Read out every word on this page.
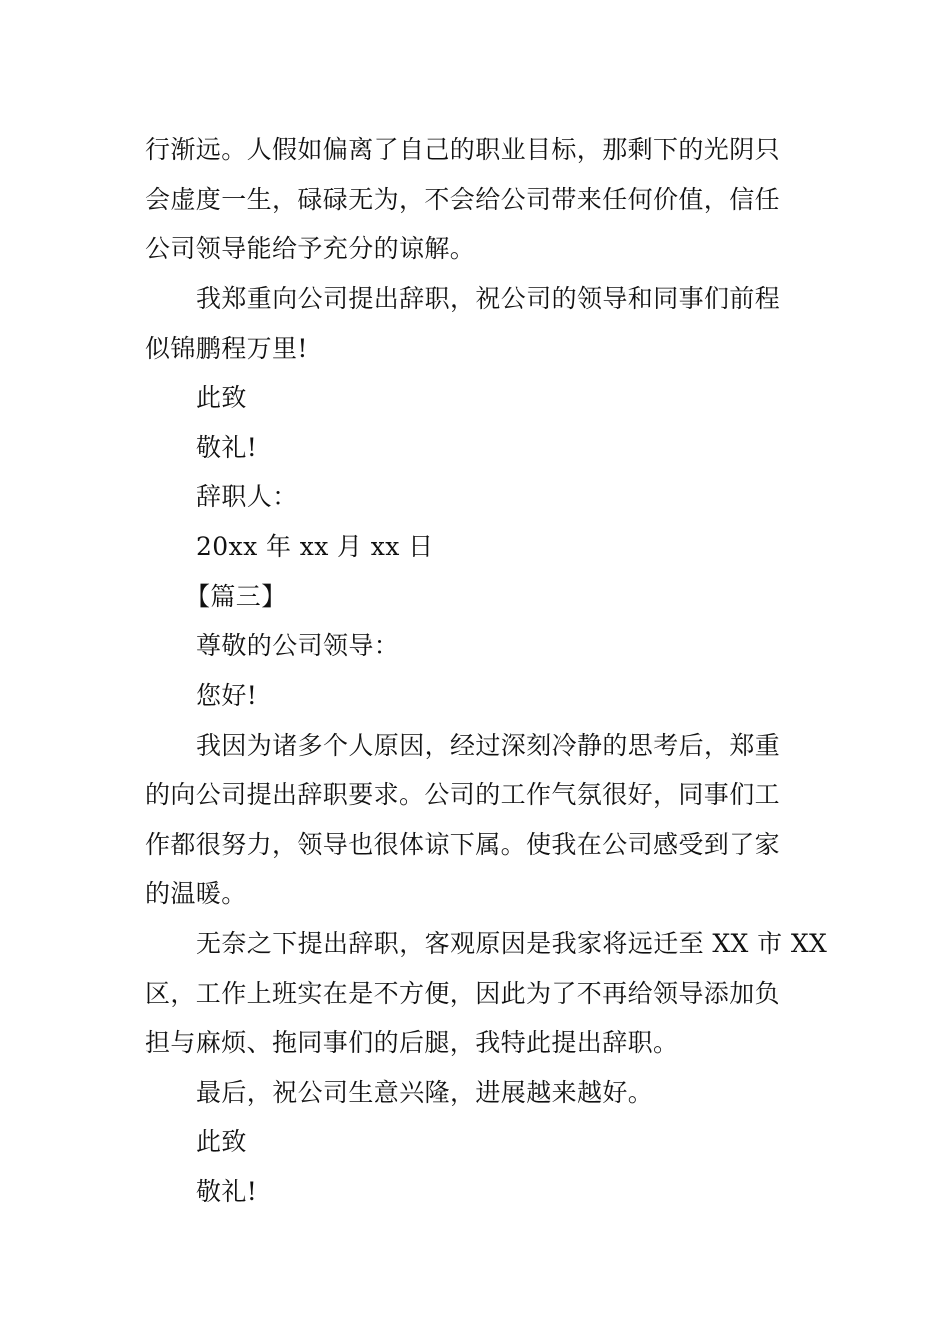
行渐远。人假如偏离了自己的职业目标，那剩下的光阴只
会虚度一生，碌碌无为，不会给公司带来任何价值，信任
公司领导能给予充分的谅解。
我郑重向公司提出辞职，祝公司的领导和同事们前程
似锦鹏程万里!
此致
敬礼!
辞职人：
20xx 年 xx 月 xx 日
【篇三】
尊敬的公司领导：
您好!
我因为诸多个人原因，经过深刻冷静的思考后，郑重
的向公司提出辞职要求。公司的工作气氛很好，同事们工
作都很努力，领导也很体谅下属。使我在公司感受到了家
的温暖。
无奈之下提出辞职，客观原因是我家将远迁至 XX 市 XX
区，工作上班实在是不方便，因此为了不再给领导添加负
担与麻烦、拖同事们的后腿，我特此提出辞职。
最后，祝公司生意兴隆，进展越来越好。
此致
敬礼!
